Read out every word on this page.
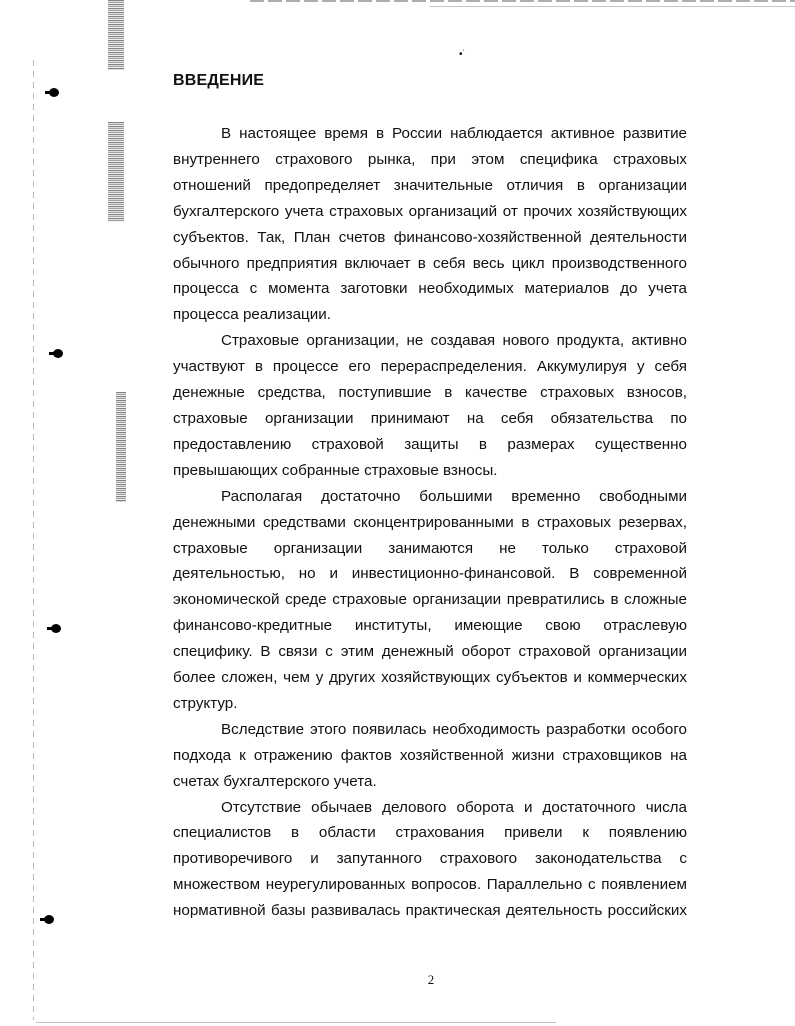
•˙
ВВЕДЕНИЕ

В настоящее время в России наблюдается активное развитие внутреннего страхового рынка, при этом специфика страховых отношений предопределяет значительные отличия в организации бухгалтерского учета страховых организаций от прочих хозяйствующих субъектов. Так, План счетов финансово-хозяйственной деятельности обычного предприятия включает в себя весь цикл производственного процесса с момента заготовки необходимых материалов до учета процесса реализации.

Страховые организации, не создавая нового продукта, активно участвуют в процессе его перераспределения. Аккумулируя у себя денежные средства, поступившие в качестве страховых взносов, страховые организации принимают на себя обязательства по предоставлению страховой защиты в размерах существенно превышающих собранные страховые взносы.

Располагая достаточно большими временно свободными денежными средствами сконцентрированными в страховых резервах, страховые организации занимаются не только страховой деятельностью, но и инвестиционно-финансовой. В современной экономической среде страховые организации превратились в сложные финансово-кредитные институты, имеющие свою отраслевую специфику. В связи с этим денежный оборот страховой организации более сложен, чем у других хозяйствующих субъектов и коммерческих структур.

Вследствие этого появилась необходимость разработки особого подхода к отражению фактов хозяйственной жизни страховщиков на счетах бухгалтерского учета.

Отсутствие обычаев делового оборота и достаточного числа специалистов в области страхования привели к появлению противоречивого и запутанного страхового законодательства с множеством неурегулированных вопросов. Параллельно с появлением нормативной базы развивалась практическая деятельность российских

2
